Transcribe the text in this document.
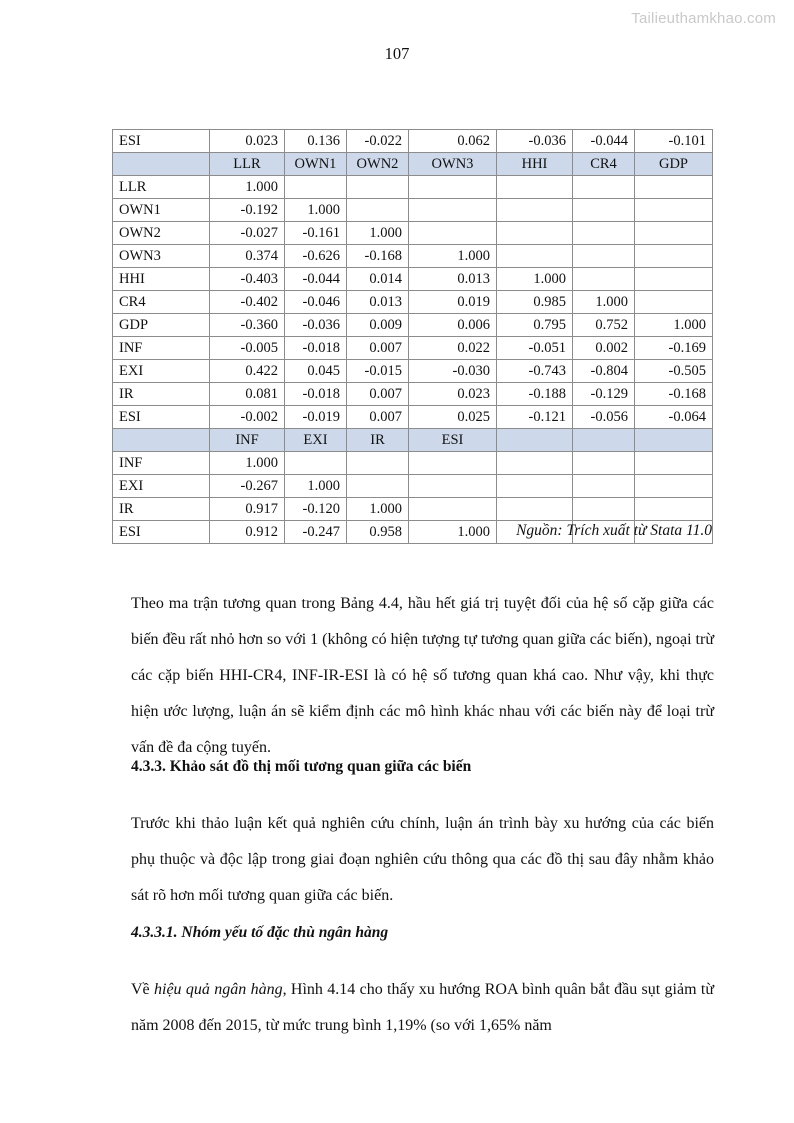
Tailieuthamkhao.com
107
ESI	0.023	0.136	-0.022	0.062	-0.036	-0.044	-0.101
	LLR	OWN1	OWN2	OWN3	HHI	CR4	GDP
LLR	1.000						
OWN1	-0.192	1.000					
OWN2	-0.027	-0.161	1.000				
OWN3	0.374	-0.626	-0.168	1.000			
HHI	-0.403	-0.044	0.014	0.013	1.000		
CR4	-0.402	-0.046	0.013	0.019	0.985	1.000	
GDP	-0.360	-0.036	0.009	0.006	0.795	0.752	1.000
INF	-0.005	-0.018	0.007	0.022	-0.051	0.002	-0.169
EXI	0.422	0.045	-0.015	-0.030	-0.743	-0.804	-0.505
IR	0.081	-0.018	0.007	0.023	-0.188	-0.129	-0.168
ESI	-0.002	-0.019	0.007	0.025	-0.121	-0.056	-0.064
	INF	EXI	IR	ESI			
INF	1.000						
EXI	-0.267	1.000					
IR	0.917	-0.120	1.000				
ESI	0.912	-0.247	0.958	1.000				Nguồn: Trích xuất từ Stata 11.0
Theo ma trận tương quan trong Bảng 4.4, hầu hết giá trị tuyệt đối của hệ số cặp giữa các biến đều rất nhỏ hơn so với 1 (không có hiện tượng tự tương quan giữa các biến), ngoại trừ các cặp biến HHI-CR4, INF-IR-ESI là có hệ số tương quan khá cao. Như vậy, khi thực hiện ước lượng, luận án sẽ kiểm định các mô hình khác nhau với các biến này để loại trừ vấn đề đa cộng tuyến.
4.3.3. Khảo sát đồ thị mối tương quan giữa các biến
Trước khi thảo luận kết quả nghiên cứu chính, luận án trình bày xu hướng của các biến phụ thuộc và độc lập trong giai đoạn nghiên cứu thông qua các đồ thị sau đây nhằm khảo sát rõ hơn mối tương quan giữa các biến.
4.3.3.1. Nhóm yếu tố đặc thù ngân hàng
Về hiệu quả ngân hàng, Hình 4.14 cho thấy xu hướng ROA bình quân bắt đầu sụt giảm từ năm 2008 đến 2015, từ mức trung bình 1,19% (so với 1,65% năm
